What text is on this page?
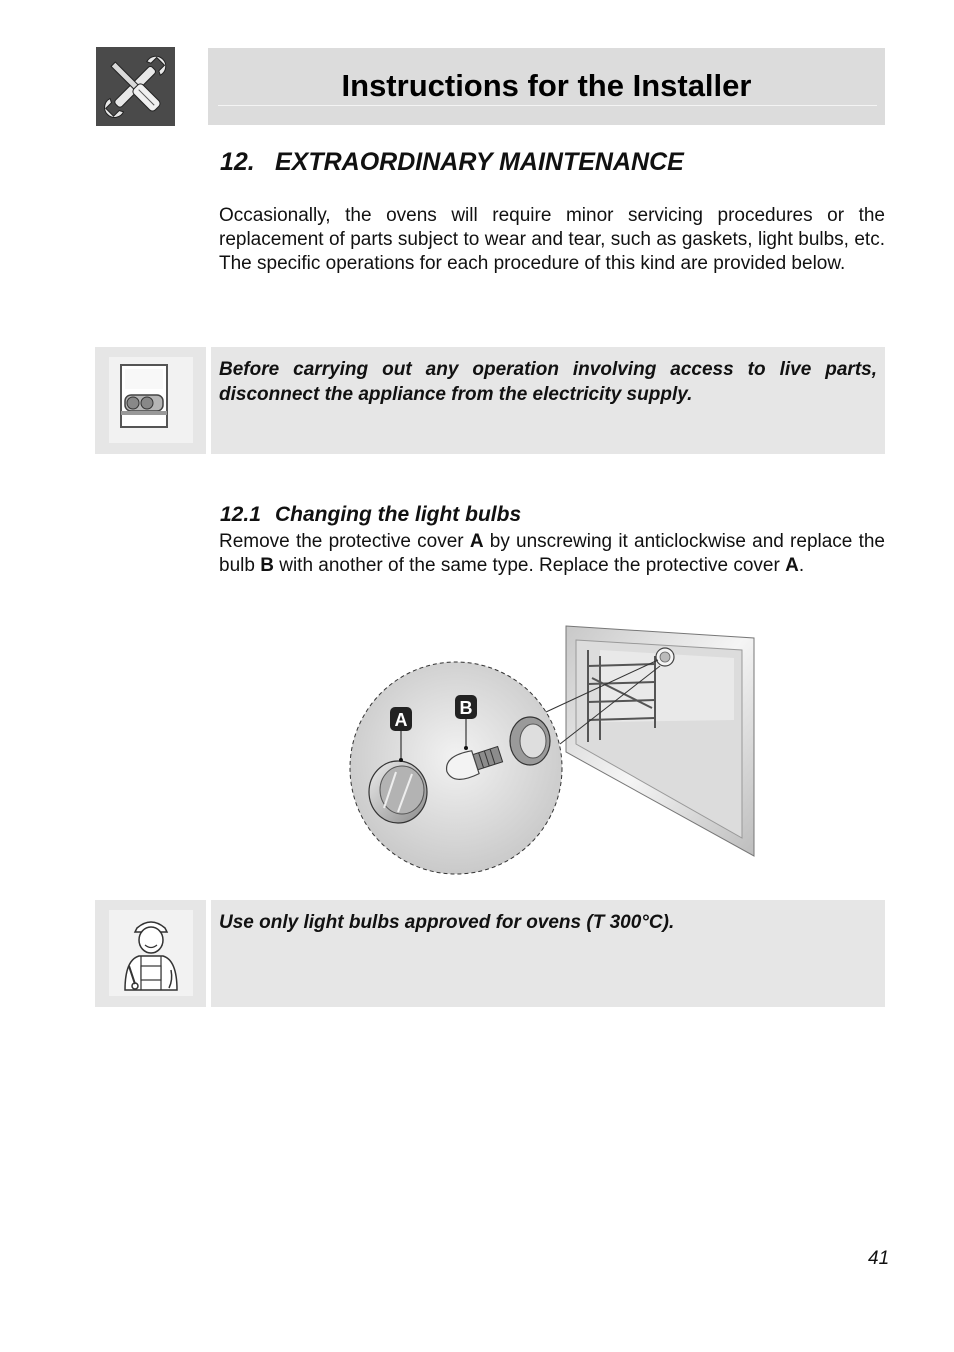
Instructions for the Installer
12. EXTRAORDINARY MAINTENANCE
Occasionally, the ovens will require minor servicing procedures or the replacement of parts subject to wear and tear, such as gaskets, light bulbs, etc. The specific operations for each procedure of this kind are provided below.
Before carrying out any operation involving access to live parts, disconnect the appliance from the electricity supply.
12.1 Changing the light bulbs
Remove the protective cover A by unscrewing it anticlockwise and replace the bulb B with another of the same type. Replace the protective cover A.
A
B
Use only light bulbs approved for ovens (T 300°C).
41
